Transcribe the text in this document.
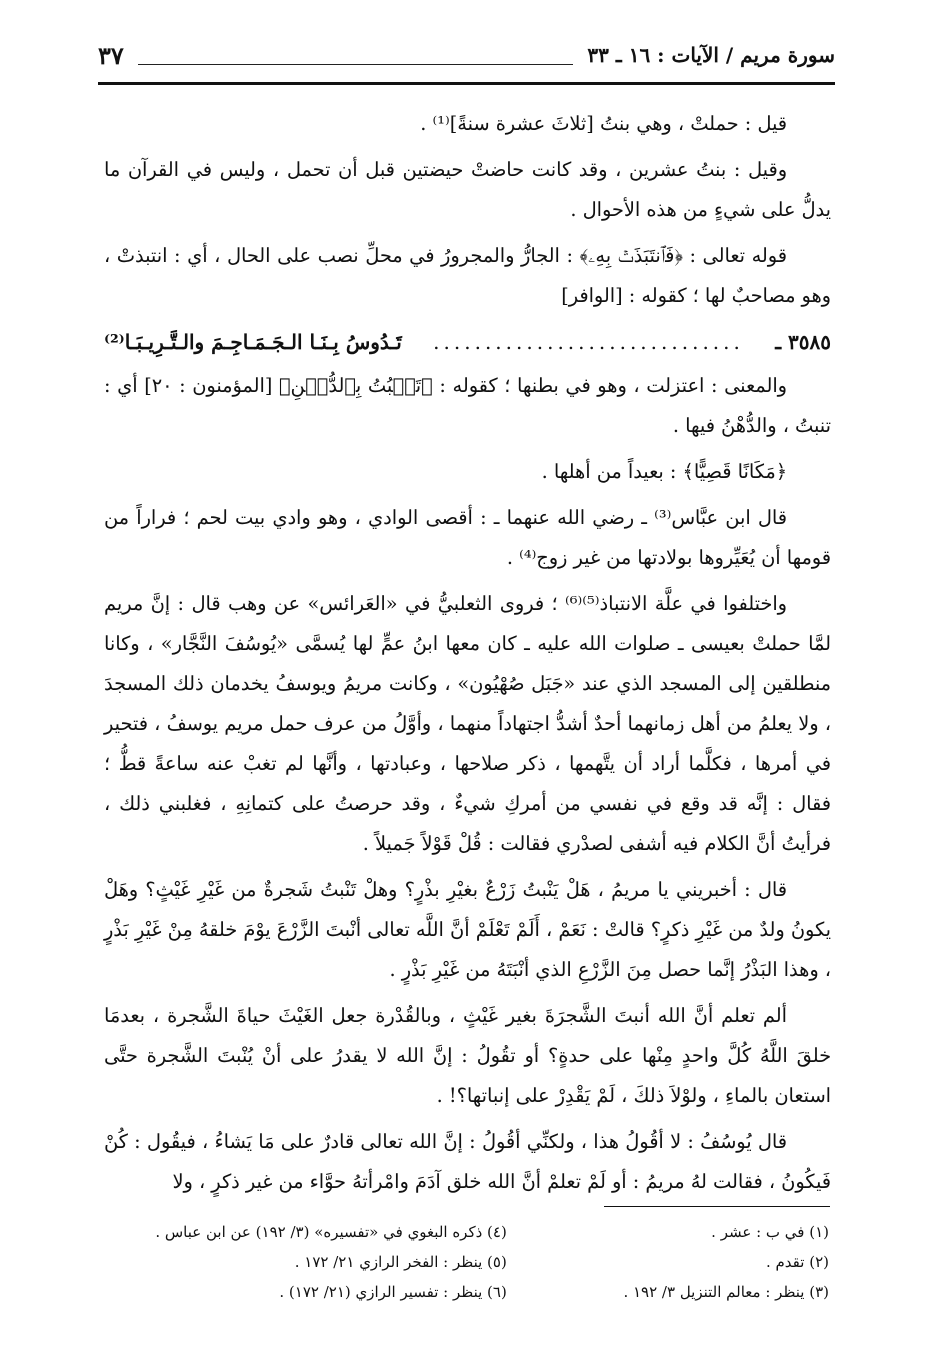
سورة مريم / الآيات : ١٦ ـ ٣٣
٣٧

قيل : حملتْ ، وهي بنتُ [ثلاثَ عشرة سنةً]⁽¹⁾ .

وقيل : بنتُ عشرين ، وقد كانت حاضتْ حيضتين قبل أن تحمل ، وليس في القرآن ما يدلُّ على شيءٍ من هذه الأحوال .

قوله تعالى : ﴿فَٱنتَبَذَتۡ بِهِۦ﴾ : الجارُّ والمجرورُ في محلِّ نصب على الحال ، أي : انتبذتْ ، وهو مصاحبٌ لها ؛ كقوله : [الوافر]

٣٥٨٥ ـ
..............................
تَـدُوسُ بِـنَـا الـجَـمَـاجِـمَ والـتَّـرِيـبَـا⁽²⁾

والمعنى : اعتزلت ، وهو في بطنها ؛ كقوله : ﴿تَنۢبُتُ بِٱلدُّهۡنِ﴾ [المؤمنون : ٢٠] أي : تنبتُ ، والدُّهْنُ فيها .

﴿مَكَانًا قَصِيًّا﴾ : بعيداً من أهلها .

قال ابن عبَّاس⁽³⁾ ـ رضي الله عنهما ـ : أقصى الوادي ، وهو وادي بيت لحم ؛ فراراً من قومها أن يُعَيِّروها بولادتها من غير زوج⁽⁴⁾ .

واختلفوا في علَّة الانتباذ⁽⁵⁾⁽⁶⁾ ؛ فروى الثعلبيُّ في «العَرائس» عن وهب قال : إنَّ مريم لمَّا حملتْ بعيسى ـ صلوات الله عليه ـ كان معها ابنُ عمٍّ لها يُسمَّى «يُوسُفَ النَّجَّار» ، وكانا منطلقين إلى المسجد الذي عند «جَبَل صُهْيُون» ، وكانت مريمُ ويوسفُ يخدمان ذلك المسجدَ ، ولا يعلمُ من أهل زمانهما أحدٌ أشدُّ اجتهاداً منهما ، وأوَّلُ من عرف حمل مريم يوسفُ ، فتحير في أمرها ، فكلَّما أراد أن يتَّهمها ، ذكر صلاحها ، وعبادتها ، وأنَّها لم تغبْ عنه ساعةً قطُّ ؛ فقال : إنَّه قد وقع في نفسي من أمركِ شيءٌ ، وقد حرصتُ على كتمانِهِ ، فغلبني ذلك ، فرأيتُ أنَّ الكلام فيه أشفى لصدْري فقالت : قُلْ قَوْلاً جَميلاً .

قال : أخبريني يا مريمُ ، هَلْ يَنْبتُ زَرْعٌ بغيْرِ بذْرٍ؟ وهلْ تَنْبتُ شَجرةٌ من غَيْرِ غَيْثٍ؟ وهَلْ يكونُ ولدٌ من غَيْرِ ذكرٍ؟ قالتْ : نَعَمْ ، أَلَمْ تَعْلَمْ أنَّ اللَّه تعالى أنْبتَ الزَّرْعَ يوْمَ خلقهُ مِنْ غَيْرِ بَذْرٍ ، وهذا البَذْرُ إنَّما حصل مِنَ الزَّرْعِ الذي أنْبَتَهُ من غَيْرِ بَذْرٍ .

ألم تعلم أنَّ الله أنبتَ الشَّجرَةَ بغير غَيْثٍ ، وبالقُدْرة جعل الغَيْثَ حياةَ الشَّجرة ، بعدمَا خلقَ اللَّهُ كُلَّ واحدٍ مِنْها على حدةٍ؟ أو تقُولُ : إنَّ الله لا يقدرُ على أنْ يُنْبتَ الشَّجرة حتَّى استعان بالماءِ ، ولوْلاَ ذلكَ ، لَمْ يَقْدِرْ على إنباتها؟! .

قال يُوسُفُ : لا أقُولُ هذا ، ولكنِّي أقُولُ : إنَّ الله تعالى قادرٌ على مَا يَشاءُ ، فيقُول : كُنْ فَيكُونُ ، فقالت لهُ مريمُ : أو لَمْ تعلمْ أنَّ الله خلق آدَمَ وامْرأتهُ حوَّاء من غير ذكرٍ ، ولا

(١) في ب : عشر .
(٤) ذكره البغوي في «تفسيره» (٣/ ١٩٢) عن ابن عباس .
(٢) تقدم .
(٥) ينظر : الفخر الرازي ٢١/ ١٧٢ .
(٣) ينظر : معالم التنزيل ٣/ ١٩٢ .
(٦) ينظر : تفسير الرازي (٢١/ ١٧٢) .
